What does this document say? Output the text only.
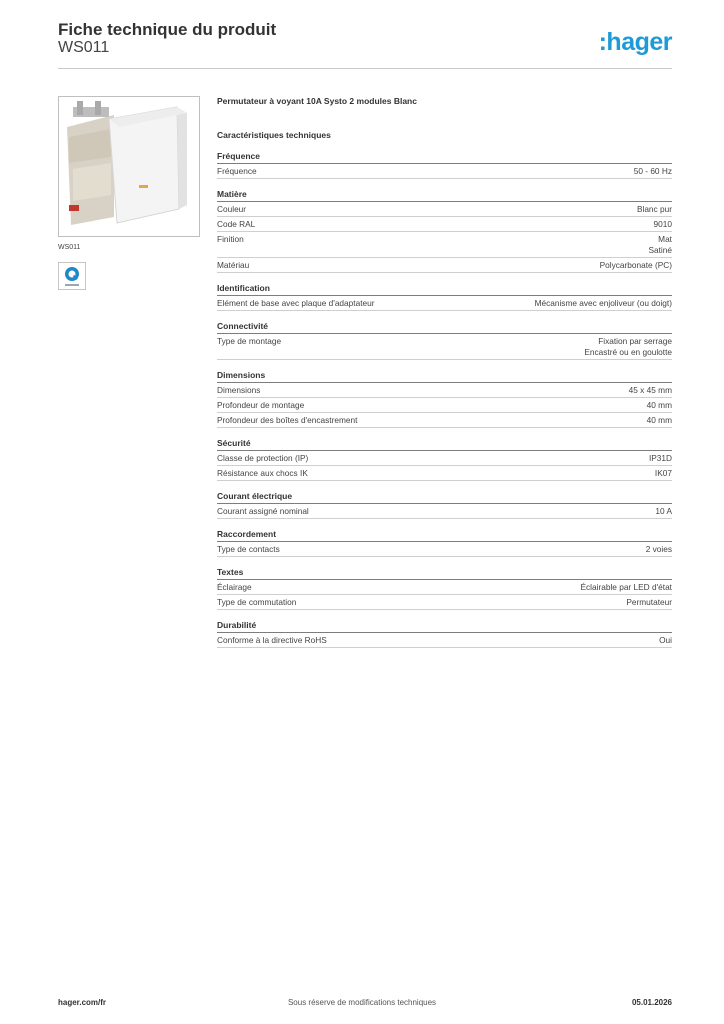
Fiche technique du produit
WS011	:hager
WS011
Permutateur à voyant 10A Systo 2 modules Blanc
Caractéristiques techniques
Fréquence
Fréquence	50 - 60 Hz
Matière
Couleur	Blanc pur
Code RAL	9010
Finition	Mat
Satiné
Matériau	Polycarbonate (PC)
Identification
Elément de base avec plaque d'adaptateur	Mécanisme avec enjoliveur (ou doigt)
Connectivité
Type de montage	Fixation par serrage
Encastré ou en goulotte
Dimensions
Dimensions	45 x 45 mm
Profondeur de montage	40 mm
Profondeur des boîtes d'encastrement	40 mm
Sécurité
Classe de protection (IP)	IP31D
Résistance aux chocs IK	IK07
Courant électrique
Courant assigné nominal	10 A
Raccordement
Type de contacts	2 voies
Textes
Éclairage	Éclairable par LED d'état
Type de commutation	Permutateur
Durabilité
Conforme à la directive RoHS	Oui
hager.com/fr	Sous réserve de modifications techniques	05.01.2026
